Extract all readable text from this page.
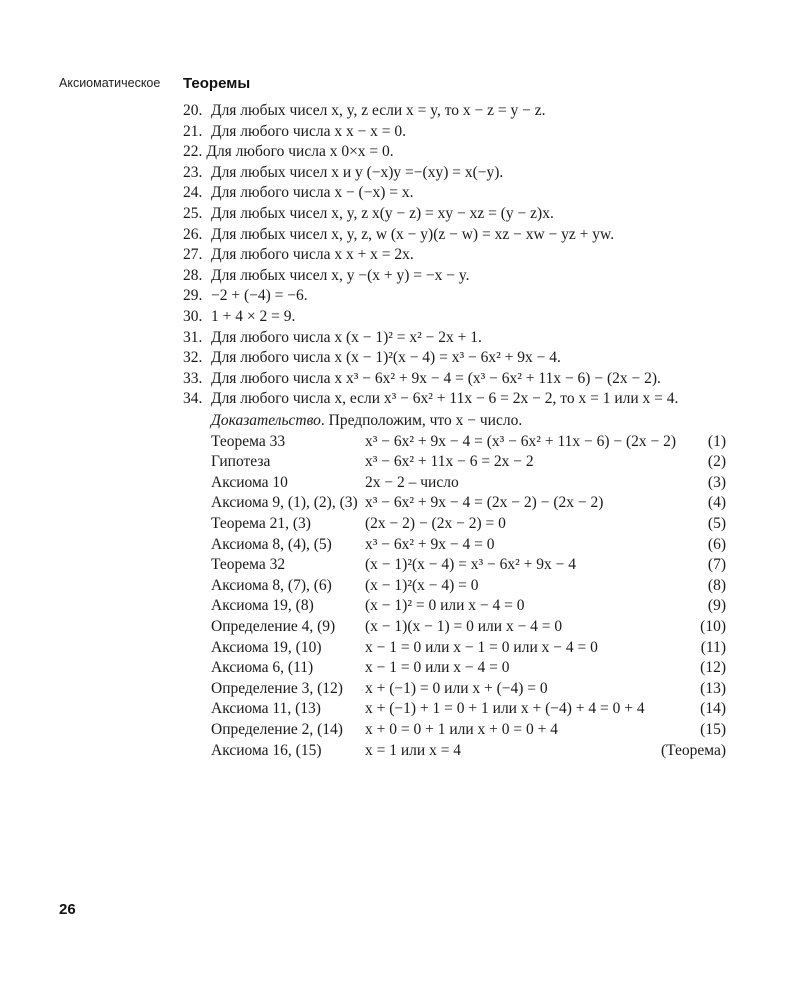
Аксиоматическое Теоремы
20. Для любых чисел x, y, z если x = y, то x − z = y − z.
21. Для любого числа x x − x = 0.
22. Для любого числа x 0×x = 0.
23. Для любых чисел x и y (−x)y =−(xy) = x(−y).
24. Для любого числа x − (−x) = x.
25. Для любых чисел x, y, z x(y − z) = xy − xz = (y − z)x.
26. Для любых чисел x, y, z, w (x − y)(z − w) = xz − xw − yz + yw.
27. Для любого числа x x + x = 2x.
28. Для любых чисел x, y −(x + y) = −x − y.
29. −2 + (−4) = −6.
30. 1 + 4 × 2 = 9.
31. Для любого числа x (x − 1)² = x² − 2x + 1.
32. Для любого числа x (x − 1)²(x − 4) = x³ − 6x² + 9x − 4.
33. Для любого числа x x³ − 6x² + 9x − 4 = (x³ − 6x² + 11x − 6) − (2x − 2).
34. Для любого числа x, если x³ − 6x² + 11x − 6 = 2x − 2, то x = 1 или x = 4.
Доказательство. Предположим, что x − число.
Теорема 33	x³ − 6x² + 9x − 4 = (x³ − 6x² + 11x − 6) − (2x − 2) (1)
Гипотеза	x³ − 6x² + 11x − 6 = 2x − 2	(2)
Аксиома 10	2x − 2 – число	(3)
Аксиома 9, (1), (2), (3) x³ − 6x² + 9x − 4 = (2x − 2) − (2x − 2)	(4)
Теорема 21, (3)	(2x − 2) − (2x − 2) = 0	(5)
Аксиома 8, (4), (5) x³ − 6x² + 9x − 4 = 0	(6)
Теорема 32	(x − 1)²(x − 4) = x³ − 6x² + 9x − 4	(7)
Аксиома 8, (7), (6) (x − 1)²(x − 4) = 0	(8)
Аксиома 19, (8)	(x − 1)² = 0 или x − 4 = 0	(9)
Определение 4, (9) (x − 1)(x − 1) = 0 или x − 4 = 0	(10)
Аксиома 19, (10)	x − 1 = 0 или x − 1 = 0 или x − 4 = 0	(11)
Аксиома 6, (11)	x − 1 = 0 или x − 4 = 0	(12)
Определение 3, (12) x + (−1) = 0 или x + (−4) = 0	(13)
Аксиома 11, (13)	x + (−1) + 1 = 0 + 1 или x + (−4) + 4 = 0 + 4	(14)
Определение 2, (14) x + 0 = 0 + 1 или x + 0 = 0 + 4	(15)
Аксиома 16, (15)	x = 1 или x = 4	(Теорема)
26
